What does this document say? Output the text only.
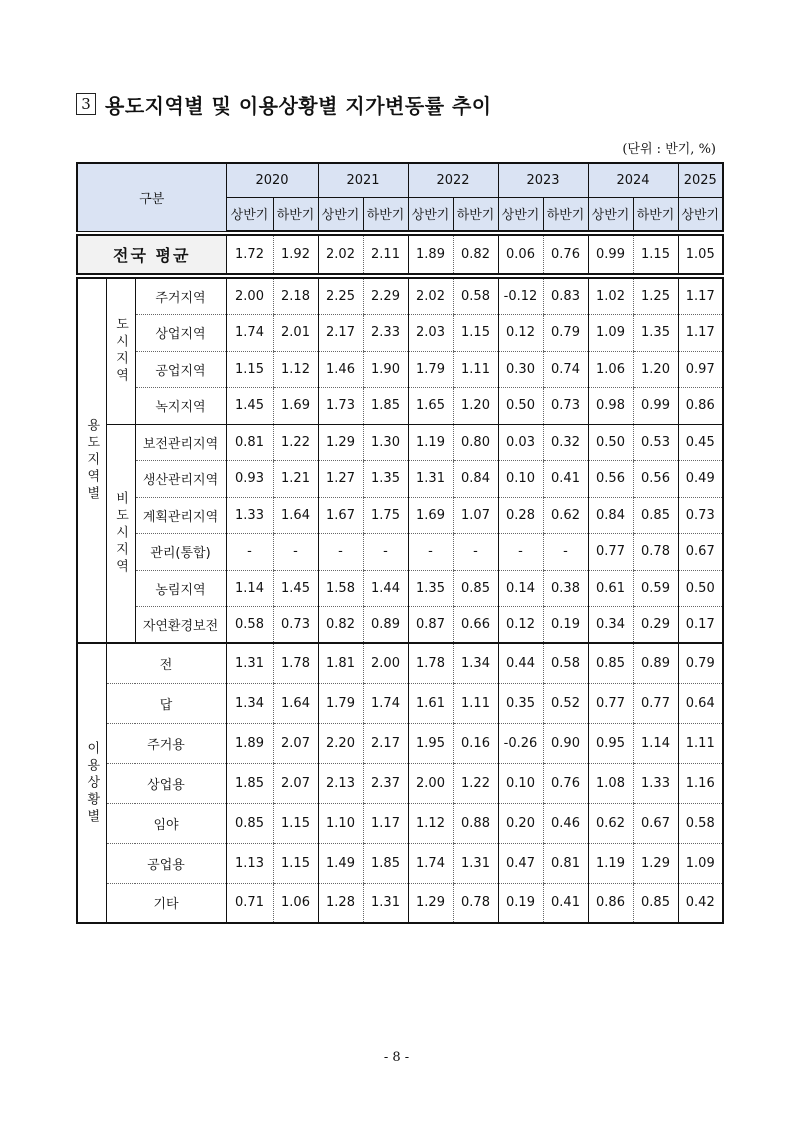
3 용도지역별 및 이용상황별 지가변동률 추이
(단위 : 반기, %)
구분			2020		2021		2022		2023		2024		2025
			상반기	하반기	상반기	하반기	상반기	하반기	상반기	하반기	상반기	하반기	상반기

전국 평균			1.72	1.92	2.02	2.11	1.89	0.82	0.06	0.76	0.99	1.15	1.05

용도지역별	도시지역	주거지역	2.00	2.18	2.25	2.29	2.02	0.58	-0.12	0.83	1.02	1.25	1.17
		상업지역	1.74	2.01	2.17	2.33	2.03	1.15	0.12	0.79	1.09	1.35	1.17
		공업지역	1.15	1.12	1.46	1.90	1.79	1.11	0.30	0.74	1.06	1.20	0.97
		녹지지역	1.45	1.69	1.73	1.85	1.65	1.20	0.50	0.73	0.98	0.99	0.86
	비도시지역	보전관리지역	0.81	1.22	1.29	1.30	1.19	0.80	0.03	0.32	0.50	0.53	0.45
		생산관리지역	0.93	1.21	1.27	1.35	1.31	0.84	0.10	0.41	0.56	0.56	0.49
		계획관리지역	1.33	1.64	1.67	1.75	1.69	1.07	0.28	0.62	0.84	0.85	0.73
		관리(통합)	-	-	-	-	-	-	-	-	0.77	0.78	0.67
		농림지역	1.14	1.45	1.58	1.44	1.35	0.85	0.14	0.38	0.61	0.59	0.50
		자연환경보전	0.58	0.73	0.82	0.89	0.87	0.66	0.12	0.19	0.34	0.29	0.17
이용상황별	전		1.31	1.78	1.81	2.00	1.78	1.34	0.44	0.58	0.85	0.89	0.79
	답		1.34	1.64	1.79	1.74	1.61	1.11	0.35	0.52	0.77	0.77	0.64
	주거용		1.89	2.07	2.20	2.17	1.95	0.16	-0.26	0.90	0.95	1.14	1.11
	상업용		1.85	2.07	2.13	2.37	2.00	1.22	0.10	0.76	1.08	1.33	1.16
	임야		0.85	1.15	1.10	1.17	1.12	0.88	0.20	0.46	0.62	0.67	0.58
	공업용		1.13	1.15	1.49	1.85	1.74	1.31	0.47	0.81	1.19	1.29	1.09
	기타		0.71	1.06	1.28	1.31	1.29	0.78	0.19	0.41	0.86	0.85	0.42
- 8 -
